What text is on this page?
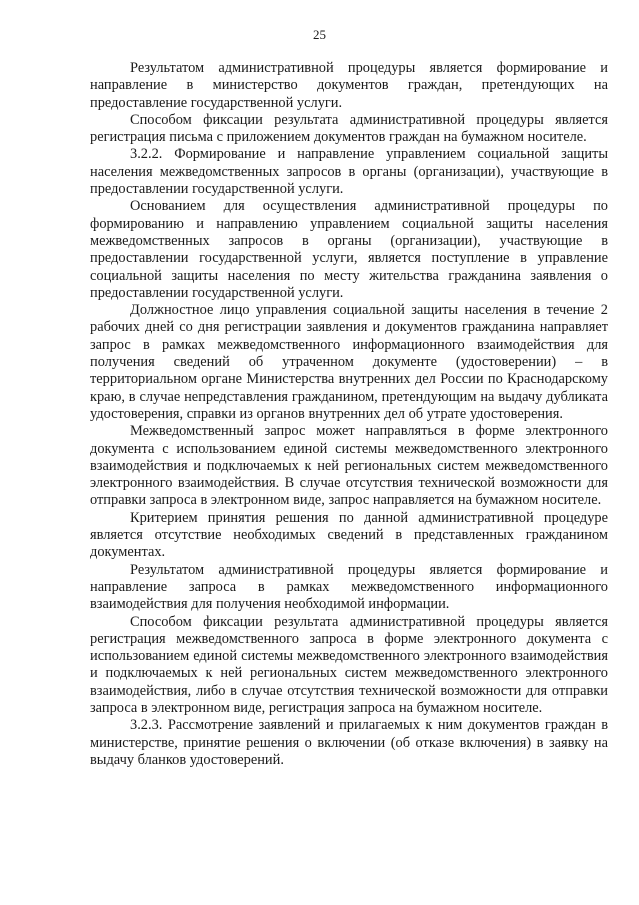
25

Результатом административной процедуры является формирование и направление в министерство документов граждан, претендующих на предоставление государственной услуги.

Способом фиксации результата административной процедуры является регистрация письма с приложением документов граждан на бумажном носителе.

3.2.2. Формирование и направление управлением социальной защиты населения межведомственных запросов в органы (организации), участвующие в предоставлении государственной услуги.

Основанием для осуществления административной процедуры по формированию и направлению управлением социальной защиты населения межведомственных запросов в органы (организации), участвующие в предоставлении государственной услуги, является поступление в управление социальной защиты населения по месту жительства гражданина заявления о предоставлении государственной услуги.

Должностное лицо управления социальной защиты населения в течение 2 рабочих дней со дня регистрации заявления и документов гражданина направляет запрос в рамках межведомственного информационного взаимодействия для получения сведений об утраченном документе (удостоверении) – в территориальном органе Министерства внутренних дел России по Краснодарскому краю, в случае непредставления гражданином, претендующим на выдачу дубликата удостоверения, справки из органов внутренних дел об утрате удостоверения.

Межведомственный запрос может направляться в форме электронного документа с использованием единой системы межведомственного электронного взаимодействия и подключаемых к ней региональных систем межведомственного электронного взаимодействия. В случае отсутствия технической возможности для отправки запроса в электронном виде, запрос направляется на бумажном носителе.

Критерием принятия решения по данной административной процедуре является отсутствие необходимых сведений в представленных гражданином документах.

Результатом административной процедуры является формирование и направление запроса в рамках межведомственного информационного взаимодействия для получения необходимой информации.

Способом фиксации результата административной процедуры является регистрация межведомственного запроса в форме электронного документа с использованием единой системы межведомственного электронного взаимодействия и подключаемых к ней региональных систем межведомственного электронного взаимодействия, либо в случае отсутствия технической возможности для отправки запроса в электронном виде, регистрация запроса на бумажном носителе.

3.2.3. Рассмотрение заявлений и прилагаемых к ним документов граждан в министерстве, принятие решения о включении (об отказе включения) в заявку на выдачу бланков удостоверений.
